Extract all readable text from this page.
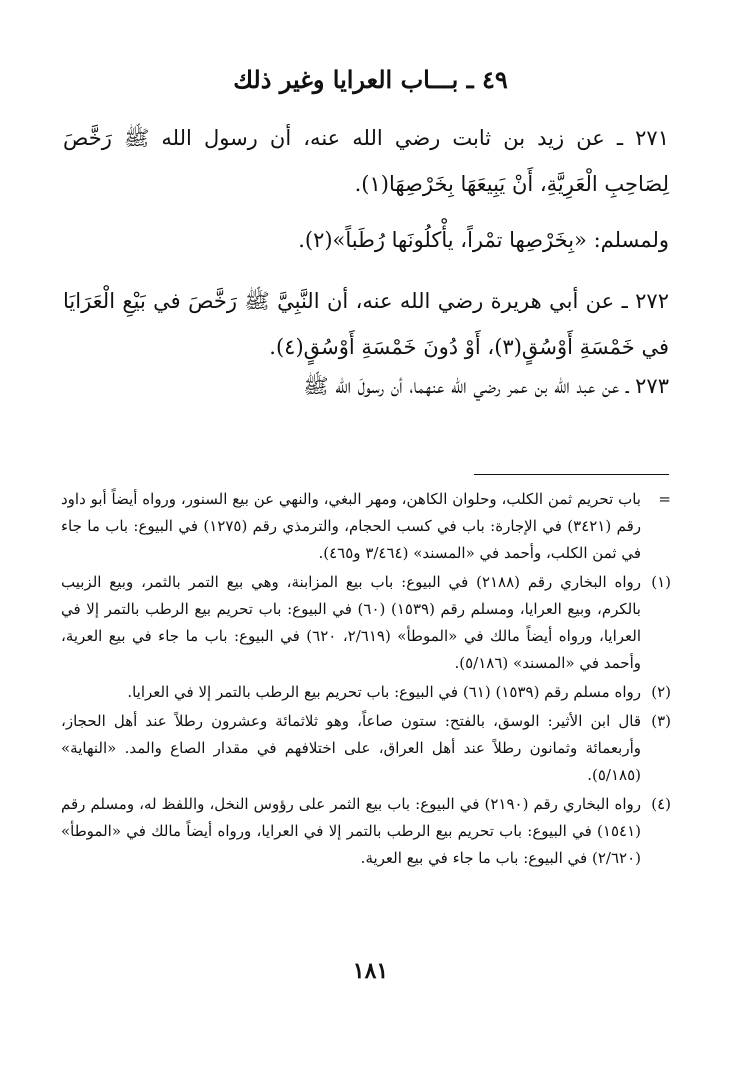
٤٩ ـ بـــاب العرايا وغير ذلك

٢٧١ ـ عن زيد بن ثابت رضي الله عنه، أن رسول الله ﷺ رَخَّصَ لِصَاحِبِ الْعَرِيَّةِ، أَنْ يَبِيعَهَا بِخَرْصِهَا(١).

ولمسلم: «بِخَرْصِها تمْراً، يأْكلُونَها رُطَباً»(٢).

٢٧٢ ـ عن أبي هريرة رضي الله عنه، أن النَّبِيَّ ﷺ رَخَّصَ في بَيْعِ الْعَرَايَا في خَمْسَةِ أَوْسُقٍ(٣)، أَوْ دُونَ خَمْسَةِ أَوْسُقٍ(٤).

٢٧٣ ـ عن عبد الله بن عمر رضي الله عنهما، أن رسولَ الله ﷺ

=
باب تحريم ثمن الكلب، وحلوان الكاهن، ومهر البغي، والنهي عن بيع السنور، ورواه أيضاً أبو داود رقم (٣٤٢١) في الإجارة: باب في كسب الحجام، والترمذي رقم (١٢٧٥) في البيوع: باب ما جاء في ثمن الكلب، وأحمد في «المسند» (٣/٤٦٤ و٤٦٥).

(١)
رواه البخاري رقم (٢١٨٨) في البيوع: باب بيع المزابنة، وهي بيع التمر بالثمر، وبيع الزبيب بالكرم، وبيع العرايا، ومسلم رقم (١٥٣٩) (٦٠) في البيوع: باب تحريم بيع الرطب بالتمر إلا في العرايا، ورواه أيضاً مالك في «الموطأ» (٢/٦١٩، ٦٢٠) في البيوع: باب ما جاء في بيع العرية، وأحمد في «المسند» (٥/١٨٦).

(٢)
رواه مسلم رقم (١٥٣٩) (٦١) في البيوع: باب تحريم بيع الرطب بالتمر إلا في العرايا.

(٣)
قال ابن الأثير: الوسق، بالفتح: ستون صاعاً، وهو ثلاثمائة وعشرون رطلاً عند أهل الحجاز، وأربعمائة وثمانون رطلاً عند أهل العراق، على اختلافهم في مقدار الصاع والمد. «النهاية» (٥/١٨٥).

(٤)
رواه البخاري رقم (٢١٩٠) في البيوع: باب بيع الثمر على رؤوس النخل، واللفظ له، ومسلم رقم (١٥٤١) في البيوع: باب تحريم بيع الرطب بالتمر إلا في العرايا، ورواه أيضاً مالك في «الموطأ» (٢/٦٢٠) في البيوع: باب ما جاء في بيع العرية.

١٨١
